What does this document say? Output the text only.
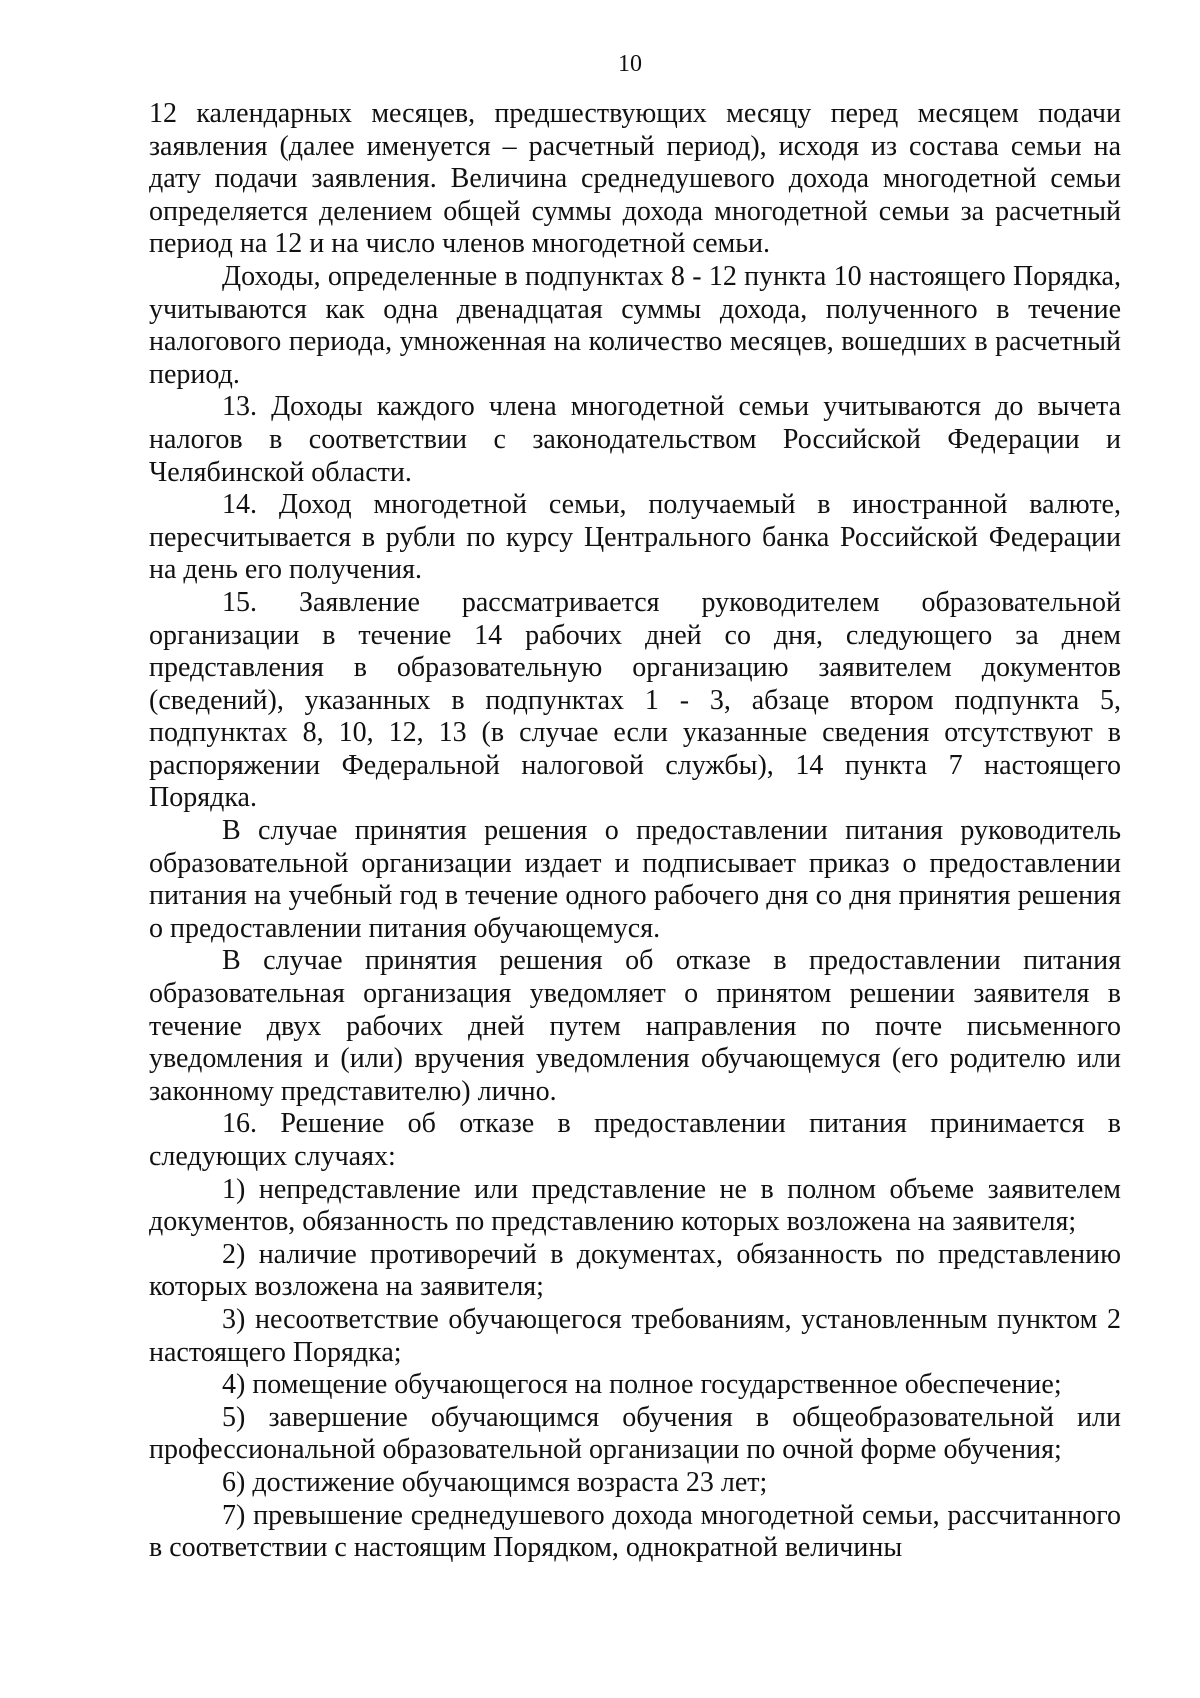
10

12 календарных месяцев, предшествующих месяцу перед месяцем подачи заявления (далее именуется – расчетный период), исходя из состава семьи на дату подачи заявления. Величина среднедушевого дохода многодетной семьи определяется делением общей суммы дохода многодетной семьи за расчетный период на 12 и на число членов многодетной семьи.

Доходы, определенные в подпунктах 8 - 12 пункта 10 настоящего Порядка, учитываются как одна двенадцатая суммы дохода, полученного в течение налогового периода, умноженная на количество месяцев, вошедших в расчетный период.

13. Доходы каждого члена многодетной семьи учитываются до вычета налогов в соответствии с законодательством Российской Федерации и Челябинской области.

14. Доход многодетной семьи, получаемый в иностранной валюте, пересчитывается в рубли по курсу Центрального банка Российской Федерации на день его получения.

15. Заявление рассматривается руководителем образовательной организации в течение 14 рабочих дней со дня, следующего за днем представления в образовательную организацию заявителем документов (сведений), указанных в подпунктах 1 - 3, абзаце втором подпункта 5, подпунктах 8, 10, 12, 13 (в случае если указанные сведения отсутствуют в распоряжении Федеральной налоговой службы), 14 пункта 7 настоящего Порядка.

В случае принятия решения о предоставлении питания руководитель образовательной организации издает и подписывает приказ о предоставлении питания на учебный год в течение одного рабочего дня со дня принятия решения о предоставлении питания обучающемуся.

В случае принятия решения об отказе в предоставлении питания образовательная организация уведомляет о принятом решении заявителя в течение двух рабочих дней путем направления по почте письменного уведомления и (или) вручения уведомления обучающемуся (его родителю или законному представителю) лично.

16. Решение об отказе в предоставлении питания принимается в следующих случаях:

1) непредставление или представление не в полном объеме заявителем документов, обязанность по представлению которых возложена на заявителя;

2) наличие противоречий в документах, обязанность по представлению которых возложена на заявителя;

3) несоответствие обучающегося требованиям, установленным пунктом 2 настоящего Порядка;

4) помещение обучающегося на полное государственное обеспечение;

5) завершение обучающимся обучения в общеобразовательной или профессиональной образовательной организации по очной форме обучения;

6) достижение обучающимся возраста 23 лет;

7) превышение среднедушевого дохода многодетной семьи, рассчитанного в соответствии с настоящим Порядком, однократной величины
